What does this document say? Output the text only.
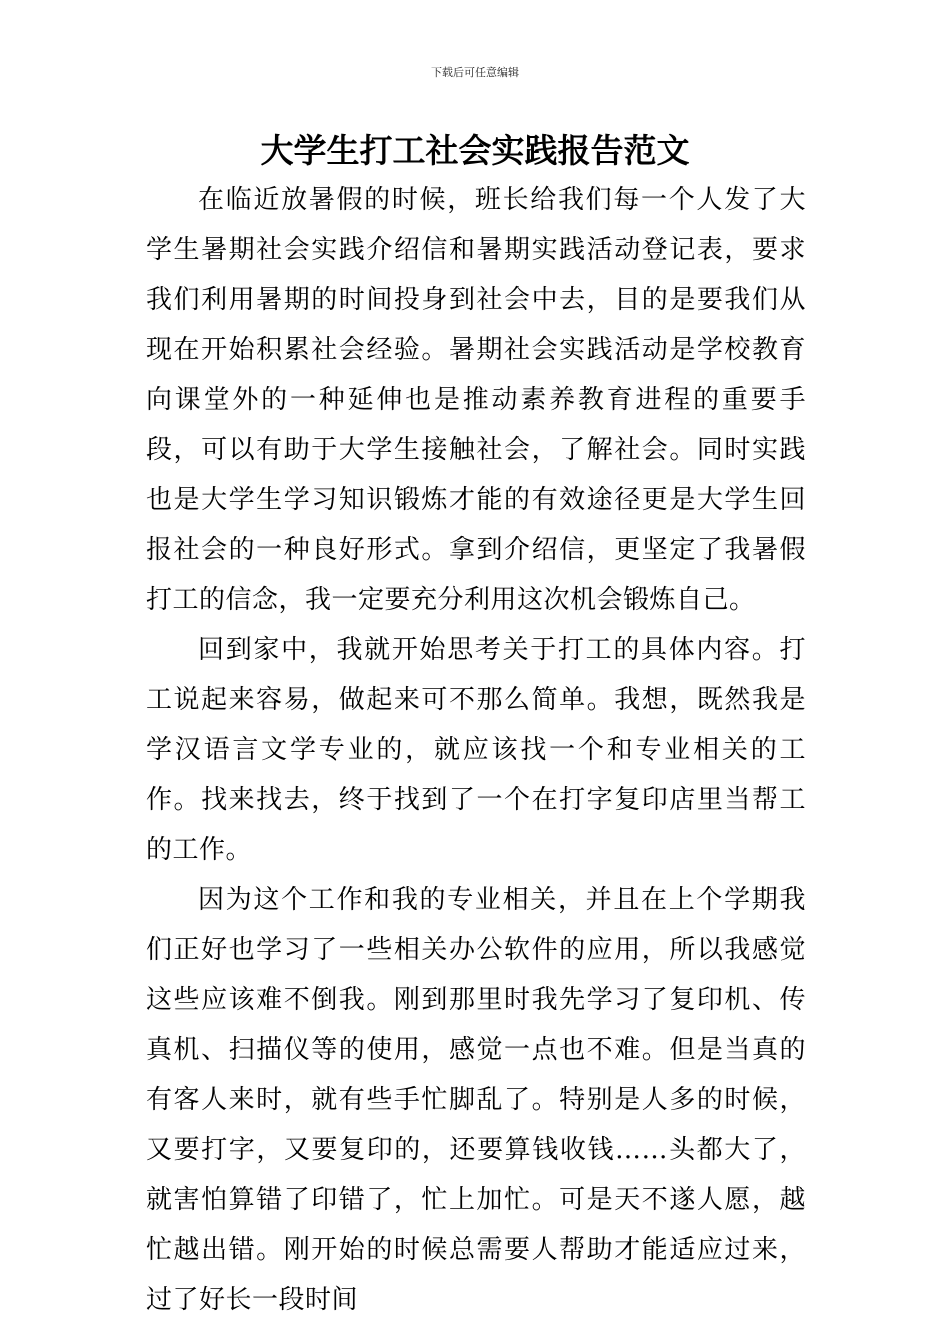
下载后可任意编辑
大学生打工社会实践报告范文

在临近放暑假的时候，班长给我们每一个人发了大学生暑期社会实践介绍信和暑期实践活动登记表，要求我们利用暑期的时间投身到社会中去，目的是要我们从现在开始积累社会经验。暑期社会实践活动是学校教育向课堂外的一种延伸也是推动素养教育进程的重要手段，可以有助于大学生接触社会，了解社会。同时实践也是大学生学习知识锻炼才能的有效途径更是大学生回报社会的一种良好形式。拿到介绍信，更坚定了我暑假打工的信念，我一定要充分利用这次机会锻炼自己。

回到家中，我就开始思考关于打工的具体内容。打工说起来容易，做起来可不那么简单。我想，既然我是学汉语言文学专业的，就应该找一个和专业相关的工作。找来找去，终于找到了一个在打字复印店里当帮工的工作。

因为这个工作和我的专业相关，并且在上个学期我们正好也学习了一些相关办公软件的应用，所以我感觉这些应该难不倒我。刚到那里时我先学习了复印机、传真机、扫描仪等的使用，感觉一点也不难。但是当真的有客人来时，就有些手忙脚乱了。特别是人多的时候，又要打字，又要复印的，还要算钱收钱……头都大了，就害怕算错了印错了，忙上加忙。可是天不遂人愿，越忙越出错。刚开始的时候总需要人帮助才能适应过来，过了好长一段时间
